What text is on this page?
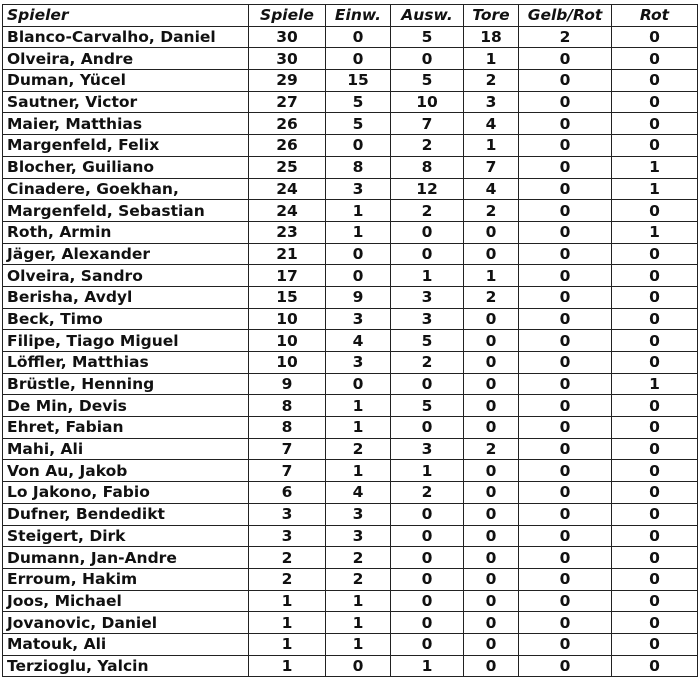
Spieler	Spiele	Einw.	Ausw.	Tore	Gelb/Rot	Rot
Blanco-Carvalho, Daniel	30	0	5	18	2	0
Olveira, Andre	30	0	0	1	0	0
Duman, Yücel	29	15	5	2	0	0
Sautner, Victor	27	5	10	3	0	0
Maier, Matthias	26	5	7	4	0	0
Margenfeld, Felix	26	0	2	1	0	0
Blocher, Guiliano	25	8	8	7	0	1
Cinadere, Goekhan,	24	3	12	4	0	1
Margenfeld, Sebastian	24	1	2	2	0	0
Roth, Armin	23	1	0	0	0	1
Jäger, Alexander	21	0	0	0	0	0
Olveira, Sandro	17	0	1	1	0	0
Berisha, Avdyl	15	9	3	2	0	0
Beck, Timo	10	3	3	0	0	0
Filipe, Tiago Miguel	10	4	5	0	0	0
Löffler, Matthias	10	3	2	0	0	0
Brüstle, Henning	9	0	0	0	0	1
De Min, Devis	8	1	5	0	0	0
Ehret, Fabian	8	1	0	0	0	0
Mahi, Ali	7	2	3	2	0	0
Von Au, Jakob	7	1	1	0	0	0
Lo Jakono, Fabio	6	4	2	0	0	0
Dufner, Bendedikt	3	3	0	0	0	0
Steigert, Dirk	3	3	0	0	0	0
Dumann, Jan-Andre	2	2	0	0	0	0
Erroum, Hakim	2	2	0	0	0	0
Joos, Michael	1	1	0	0	0	0
Jovanovic, Daniel	1	1	0	0	0	0
Matouk, Ali	1	1	0	0	0	0
Terzioglu, Yalcin	1	0	1	0	0	0
